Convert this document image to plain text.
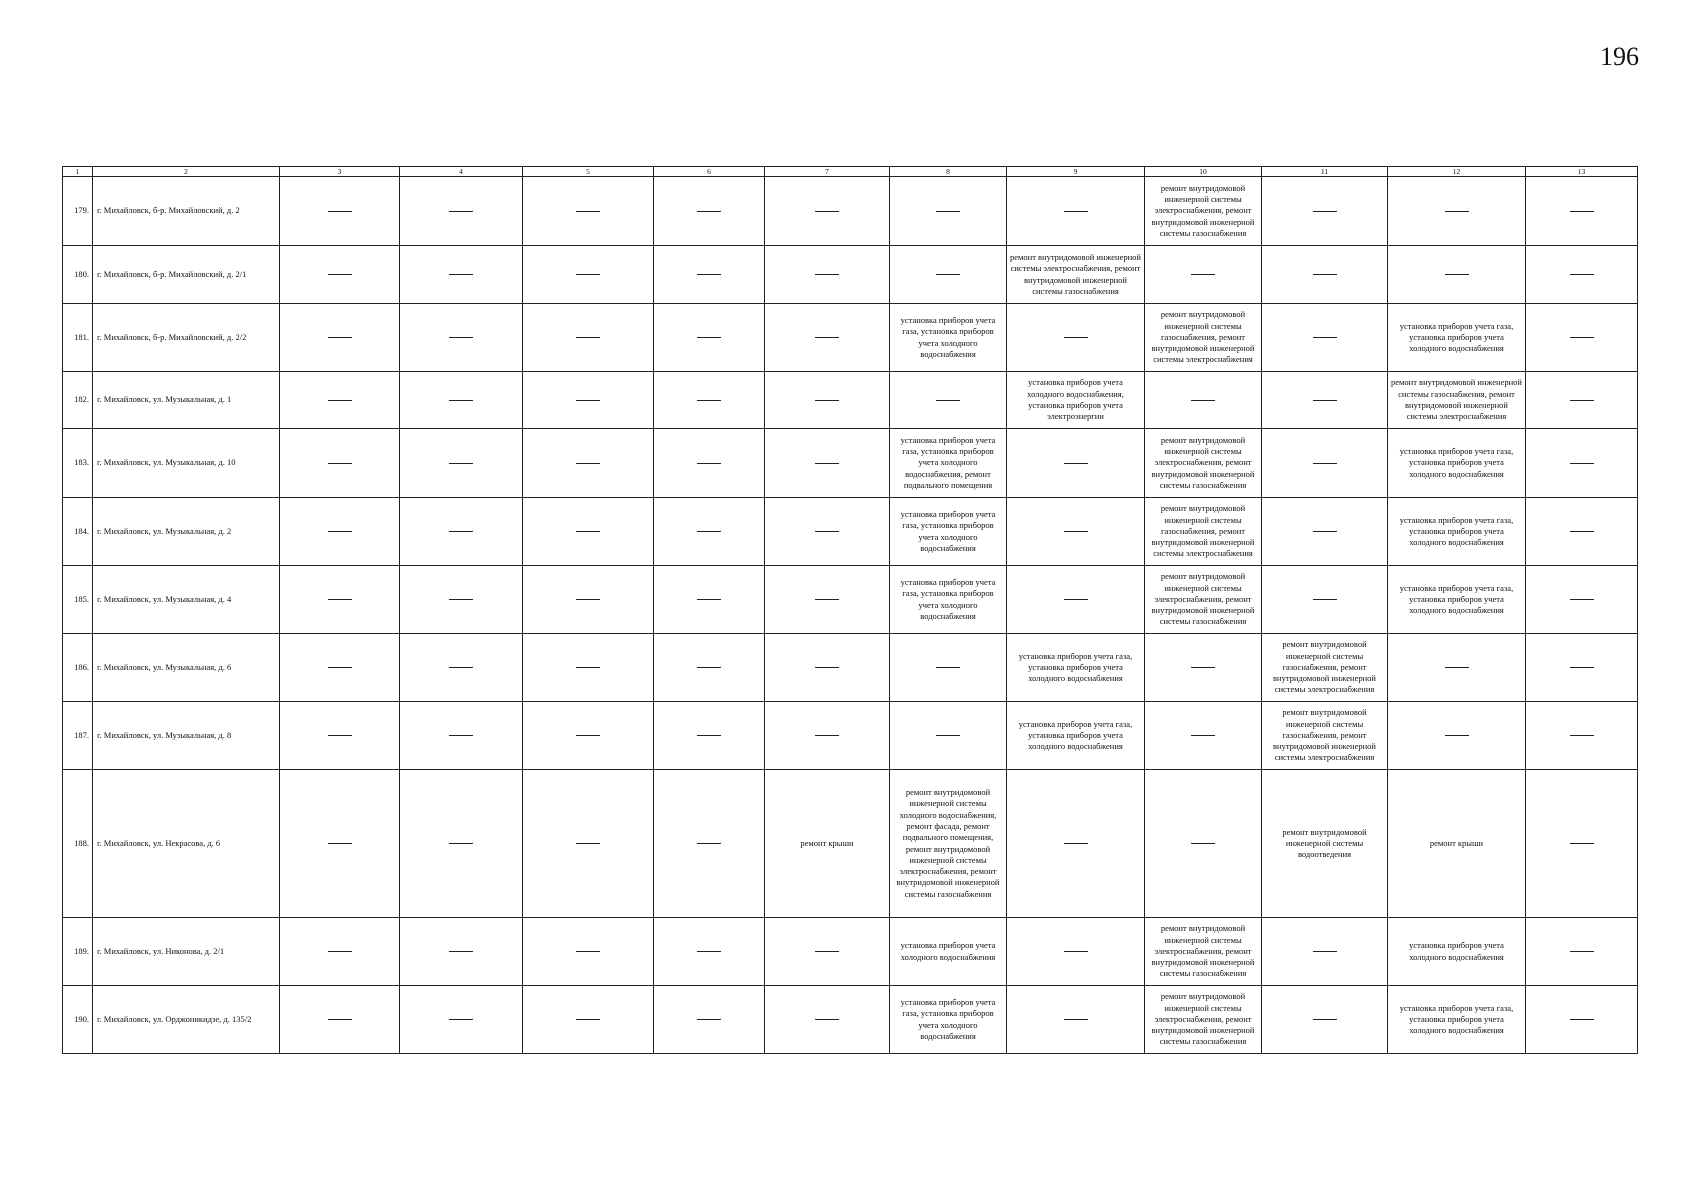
196
1	2	3	4	5	6	7	8	9	10	11	12	13
179.	г. Михайловск, б-р. Михайловский, д. 2								ремонт внутридомовой инженерной системы электроснабжения, ремонт внутридомовой инженерной системы газоснабжения			
180.	г. Михайловск, б-р. Михайловский, д. 2/1							ремонт внутридомовой инженерной системы электроснабжения, ремонт внутридомовой инженерной системы газоснабжения				
181.	г. Михайловск, б-р. Михайловский, д. 2/2						установка приборов учета газа, установка приборов учета холодного водоснабжения		ремонт внутридомовой инженерной системы газоснабжения, ремонт внутридомовой инженерной системы электроснабжения		установка приборов учета газа, установка приборов учета холодного водоснабжения	
182.	г. Михайловск, ул. Музыкальная, д. 1							установка приборов учета холодного водоснабжения, установка приборов учета электроэнергии			ремонт внутридомовой инженерной системы газоснабжения, ремонт внутридомовой инженерной системы электроснабжения	
183.	г. Михайловск, ул. Музыкальная, д. 10						установка приборов учета газа, установка приборов учета холодного водоснабжения, ремонт подвального помещения		ремонт внутридомовой инженерной системы электроснабжения, ремонт внутридомовой инженерной системы газоснабжения		установка приборов учета газа, установка приборов учета холодного водоснабжения	
184.	г. Михайловск, ул. Музыкальная, д. 2						установка приборов учета газа, установка приборов учета холодного водоснабжения		ремонт внутридомовой инженерной системы газоснабжения, ремонт внутридомовой инженерной системы электроснабжения		установка приборов учета газа, установка приборов учета холодного водоснабжения	
185.	г. Михайловск, ул. Музыкальная, д. 4						установка приборов учета газа, установка приборов учета холодного водоснабжения		ремонт внутридомовой инженерной системы электроснабжения, ремонт внутридомовой инженерной системы газоснабжения		установка приборов учета газа, установка приборов учета холодного водоснабжения	
186.	г. Михайловск, ул. Музыкальная, д. 6							установка приборов учета газа, установка приборов учета холодного водоснабжения		ремонт внутридомовой инженерной системы газоснабжения, ремонт внутридомовой инженерной системы электроснабжения		
187.	г. Михайловск, ул. Музыкальная, д. 8							установка приборов учета газа, установка приборов учета холодного водоснабжения		ремонт внутридомовой инженерной системы газоснабжения, ремонт внутридомовой инженерной системы электроснабжения		
188.	г. Михайловск, ул. Некрасова, д. 6					ремонт крыши	ремонт внутридомовой инженерной системы холодного водоснабжения, ремонт фасада, ремонт подвального помещения, ремонт внутридомовой инженерной системы электроснабжения, ремонт внутридомовой инженерной системы газоснабжения			ремонт внутридомовой инженерной системы водоотведения	ремонт крыши	
189.	г. Михайловск, ул. Никонова, д. 2/1						установка приборов учета холодного водоснабжения		ремонт внутридомовой инженерной системы электроснабжения, ремонт внутридомовой инженерной системы газоснабжения		установка приборов учета холодного водоснабжения	
190.	г. Михайловск, ул. Орджоникидзе, д. 135/2						установка приборов учета газа, установка приборов учета холодного водоснабжения		ремонт внутридомовой инженерной системы электроснабжения, ремонт внутридомовой инженерной системы газоснабжения		установка приборов учета газа, установка приборов учета холодного водоснабжения	
